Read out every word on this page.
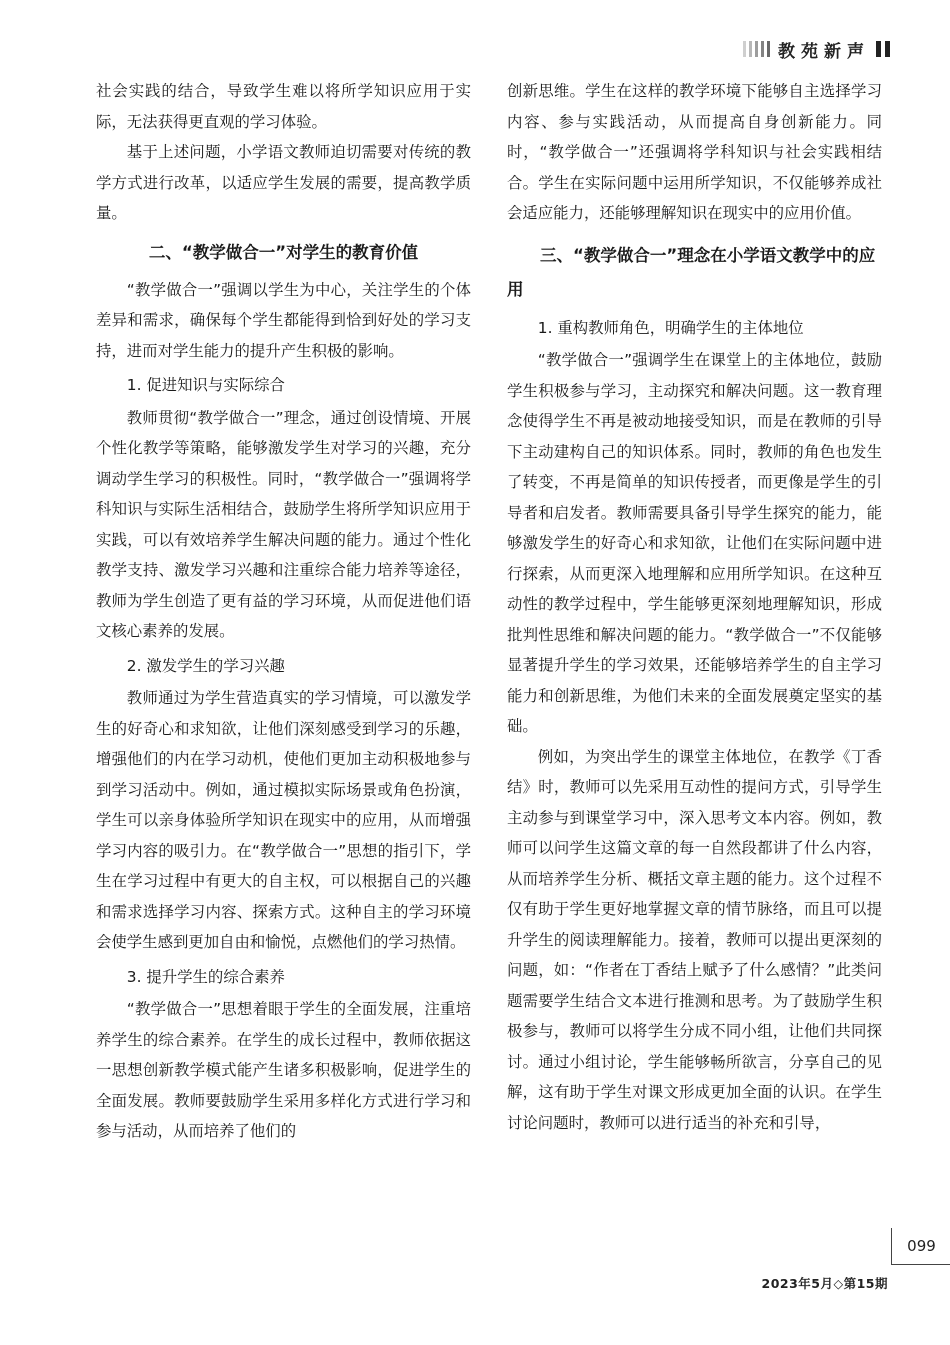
教苑新声

社会实践的结合，导致学生难以将所学知识应用于实际，无法获得更直观的学习体验。

基于上述问题，小学语文教师迫切需要对传统的教学方式进行改革，以适应学生发展的需要，提高教学质量。

二、“教学做合一”对学生的教育价值

“教学做合一”强调以学生为中心，关注学生的个体差异和需求，确保每个学生都能得到恰到好处的学习支持，进而对学生能力的提升产生积极的影响。

1. 促进知识与实际综合

教师贯彻“教学做合一”理念，通过创设情境、开展个性化教学等策略，能够激发学生对学习的兴趣，充分调动学生学习的积极性。同时，“教学做合一”强调将学科知识与实际生活相结合，鼓励学生将所学知识应用于实践，可以有效培养学生解决问题的能力。通过个性化教学支持、激发学习兴趣和注重综合能力培养等途径，教师为学生创造了更有益的学习环境，从而促进他们语文核心素养的发展。

2. 激发学生的学习兴趣

教师通过为学生营造真实的学习情境，可以激发学生的好奇心和求知欲，让他们深刻感受到学习的乐趣，增强他们的内在学习动机，使他们更加主动积极地参与到学习活动中。例如，通过模拟实际场景或角色扮演，学生可以亲身体验所学知识在现实中的应用，从而增强学习内容的吸引力。在“教学做合一”思想的指引下，学生在学习过程中有更大的自主权，可以根据自己的兴趣和需求选择学习内容、探索方式。这种自主的学习环境会使学生感到更加自由和愉悦，点燃他们的学习热情。

3. 提升学生的综合素养

“教学做合一”思想着眼于学生的全面发展，注重培养学生的综合素养。在学生的成长过程中，教师依据这一思想创新教学模式能产生诸多积极影响，促进学生的全面发展。教师要鼓励学生采用多样化方式进行学习和参与活动，从而培养了他们的

创新思维。学生在这样的教学环境下能够自主选择学习内容、参与实践活动，从而提高自身创新能力。同时，“教学做合一”还强调将学科知识与社会实践相结合。学生在实际问题中运用所学知识，不仅能够养成社会适应能力，还能够理解知识在现实中的应用价值。

三、“教学做合一”理念在小学语文教学中的应用
1. 重构教师角色，明确学生的主体地位

“教学做合一”强调学生在课堂上的主体地位，鼓励学生积极参与学习，主动探究和解决问题。这一教育理念使得学生不再是被动地接受知识，而是在教师的引导下主动建构自己的知识体系。同时，教师的角色也发生了转变，不再是简单的知识传授者，而更像是学生的引导者和启发者。教师需要具备引导学生探究的能力，能够激发学生的好奇心和求知欲，让他们在实际问题中进行探索，从而更深入地理解和应用所学知识。在这种互动性的教学过程中，学生能够更深刻地理解知识，形成批判性思维和解决问题的能力。“教学做合一”不仅能够显著提升学生的学习效果，还能够培养学生的自主学习能力和创新思维，为他们未来的全面发展奠定坚实的基础。

例如，为突出学生的课堂主体地位，在教学《丁香结》时，教师可以先采用互动性的提问方式，引导学生主动参与到课堂学习中，深入思考文本内容。例如，教师可以问学生这篇文章的每一自然段都讲了什么内容，从而培养学生分析、概括文章主题的能力。这个过程不仅有助于学生更好地掌握文章的情节脉络，而且可以提升学生的阅读理解能力。接着，教师可以提出更深刻的问题，如：“作者在丁香结上赋予了什么感情？”此类问题需要学生结合文本进行推测和思考。为了鼓励学生积极参与，教师可以将学生分成不同小组，让他们共同探讨。通过小组讨论，学生能够畅所欲言，分享自己的见解，这有助于学生对课文形成更加全面的认识。在学生讨论问题时，教师可以进行适当的补充和引导，

099
2023年5月◇第15期
